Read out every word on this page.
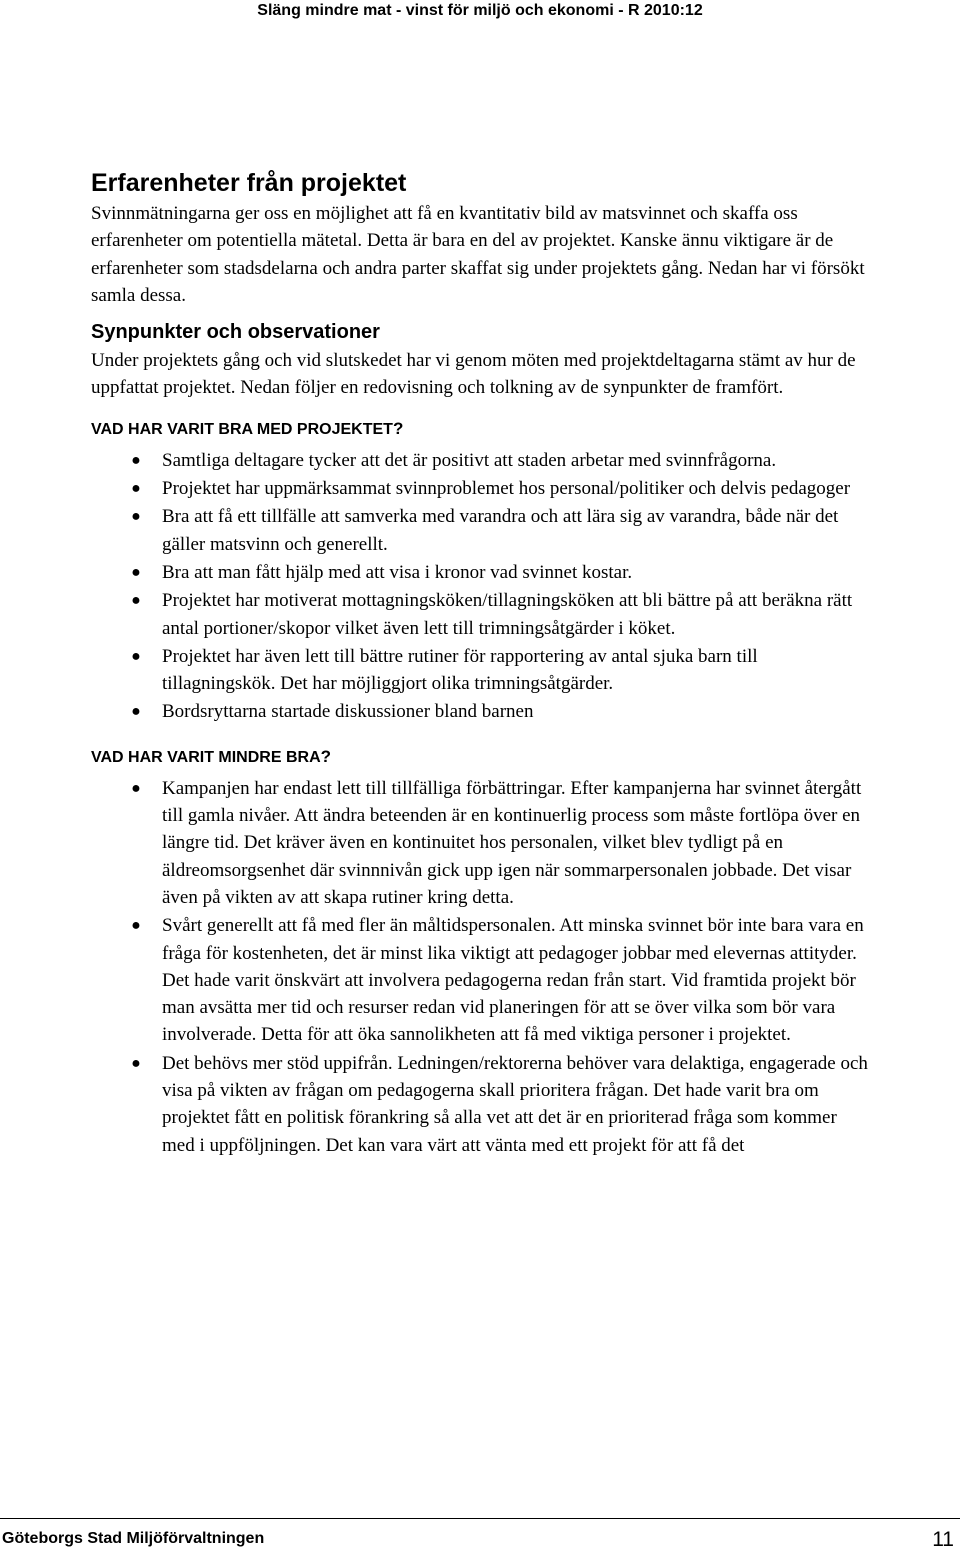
Släng mindre mat - vinst för miljö och ekonomi - R 2010:12
Erfarenheter från projektet

Svinnmätningarna ger oss en möjlighet att få en kvantitativ bild av matsvinnet och skaffa oss erfarenheter om potentiella mätetal. Detta är bara en del av projektet. Kanske ännu viktigare är de erfarenheter som stadsdelarna och andra parter skaffat sig under projektets gång. Nedan har vi försökt samla dessa.

Synpunkter och observationer

Under projektets gång och vid slutskedet har vi genom möten med projektdeltagarna stämt av hur de uppfattat projektet. Nedan följer en redovisning och tolkning av de synpunkter de framfört.

VAD HAR VARIT BRA MED PROJEKTET?
● Samtliga deltagare tycker att det är positivt att staden arbetar med svinnfrågorna.
● Projektet har uppmärksammat svinnproblemet hos personal/politiker och delvis pedagoger
● Bra att få ett tillfälle att samverka med varandra och att lära sig av varandra, både när det gäller matsvinn och generellt.
● Bra att man fått hjälp med att visa i kronor vad svinnet kostar.
● Projektet har motiverat mottagningsköken/tillagningsköken att bli bättre på att beräkna rätt antal portioner/skopor vilket även lett till trimningsåtgärder i köket.
● Projektet har även lett till bättre rutiner för rapportering av antal sjuka barn till tillagningskök. Det har möjliggjort olika trimningsåtgärder.
● Bordsryttarna startade diskussioner bland barnen
VAD HAR VARIT MINDRE BRA?
● Kampanjen har endast lett till tillfälliga förbättringar. Efter kampanjerna har svinnet återgått till gamla nivåer. Att ändra beteenden är en kontinuerlig process som måste fortlöpa över en längre tid. Det kräver även en kontinuitet hos personalen, vilket blev tydligt på en äldreomsorgsenhet där svinnnivån gick upp igen när sommarpersonalen jobbade. Det visar även på vikten av att skapa rutiner kring detta.
● Svårt generellt att få med fler än måltidspersonalen. Att minska svinnet bör inte bara vara en fråga för kostenheten, det är minst lika viktigt att pedagoger jobbar med elevernas attityder. Det hade varit önskvärt att involvera pedagogerna redan från start. Vid framtida projekt bör man avsätta mer tid och resurser redan vid planeringen för att se över vilka som bör vara involverade. Detta för att öka sannolikheten att få med viktiga personer i projektet.
● Det behövs mer stöd uppifrån. Ledningen/rektorerna behöver vara delaktiga, engagerade och visa på vikten av frågan om pedagogerna skall prioritera frågan. Det hade varit bra om projektet fått en politisk förankring så alla vet att det är en prioriterad fråga som kommer med i uppföljningen. Det kan vara värt att vänta med ett projekt för att få det
Göteborgs Stad Miljöförvaltningen	11
